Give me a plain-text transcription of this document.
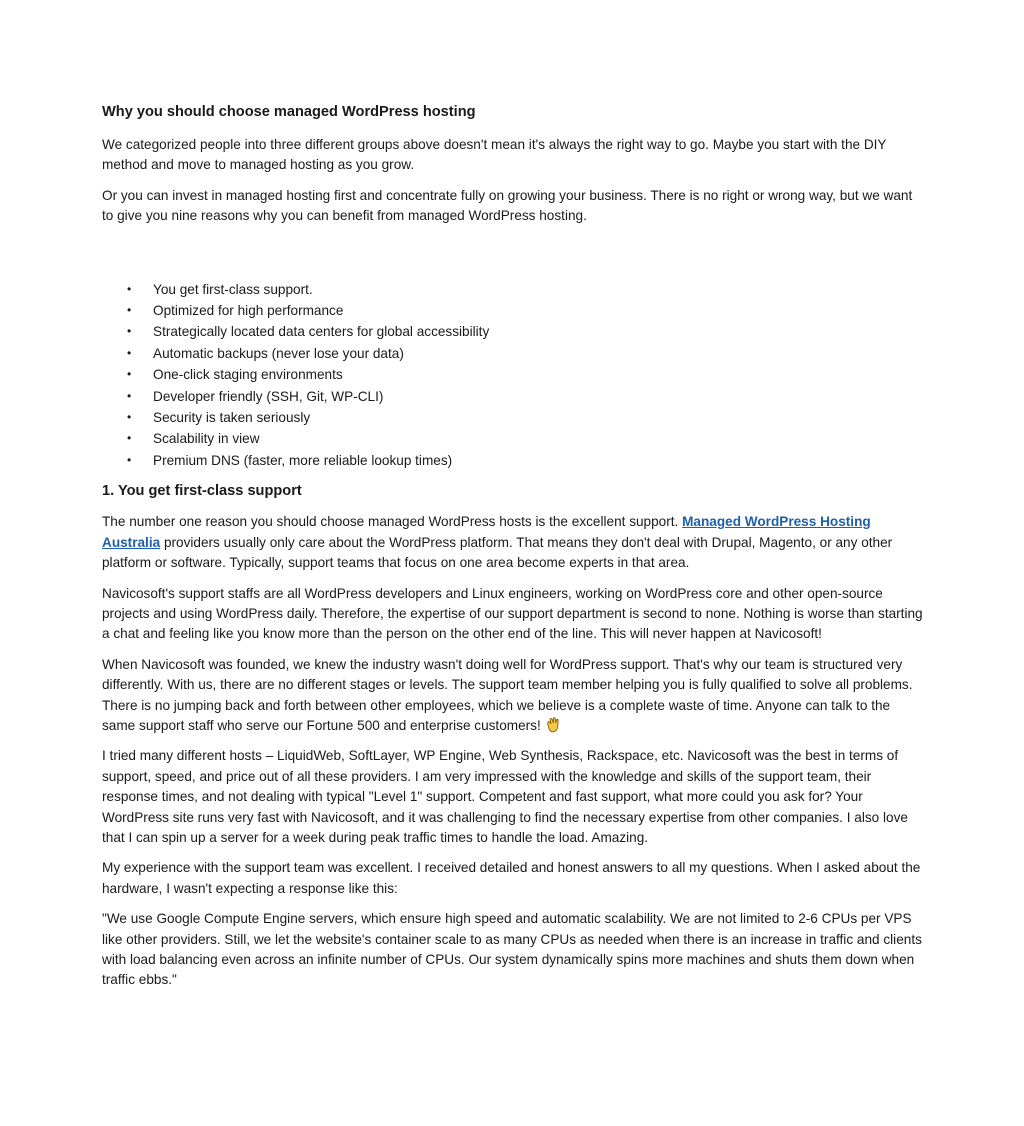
Why you should choose managed WordPress hosting

We categorized people into three different groups above doesn't mean it's always the right way to go. Maybe you start with the DIY method and move to managed hosting as you grow.

Or you can invest in managed hosting first and concentrate fully on growing your business. There is no right or wrong way, but we want to give you nine reasons why you can benefit from managed WordPress hosting.

• You get first-class support.
• Optimized for high performance
• Strategically located data centers for global accessibility
• Automatic backups (never lose your data)
• One-click staging environments
• Developer friendly (SSH, Git, WP-CLI)
• Security is taken seriously
• Scalability in view
• Premium DNS (faster, more reliable lookup times)
1. You get first-class support

The number one reason you should choose managed WordPress hosts is the excellent support. Managed WordPress Hosting Australia providers usually only care about the WordPress platform. That means they don't deal with Drupal, Magento, or any other platform or software. Typically, support teams that focus on one area become experts in that area.

Navicosoft's support staffs are all WordPress developers and Linux engineers, working on WordPress core and other open-source projects and using WordPress daily. Therefore, the expertise of our support department is second to none. Nothing is worse than starting a chat and feeling like you know more than the person on the other end of the line. This will never happen at Navicosoft!

When Navicosoft was founded, we knew the industry wasn't doing well for WordPress support. That's why our team is structured very differently. With us, there are no different stages or levels. The support team member helping you is fully qualified to solve all problems. There is no jumping back and forth between other employees, which we believe is a complete waste of time. Anyone can talk to the same support staff who serve our Fortune 500 and enterprise customers!

I tried many different hosts – LiquidWeb, SoftLayer, WP Engine, Web Synthesis, Rackspace, etc. Navicosoft was the best in terms of support, speed, and price out of all these providers. I am very impressed with the knowledge and skills of the support team, their response times, and not dealing with typical "Level 1" support. Competent and fast support, what more could you ask for? Your WordPress site runs very fast with Navicosoft, and it was challenging to find the necessary expertise from other companies. I also love that I can spin up a server for a week during peak traffic times to handle the load. Amazing.

My experience with the support team was excellent. I received detailed and honest answers to all my questions. When I asked about the hardware, I wasn't expecting a response like this:

"We use Google Compute Engine servers, which ensure high speed and automatic scalability. We are not limited to 2-6 CPUs per VPS like other providers. Still, we let the website's container scale to as many CPUs as needed when there is an increase in traffic and clients with load balancing even across an infinite number of CPUs. Our system dynamically spins more machines and shuts them down when traffic ebbs."
